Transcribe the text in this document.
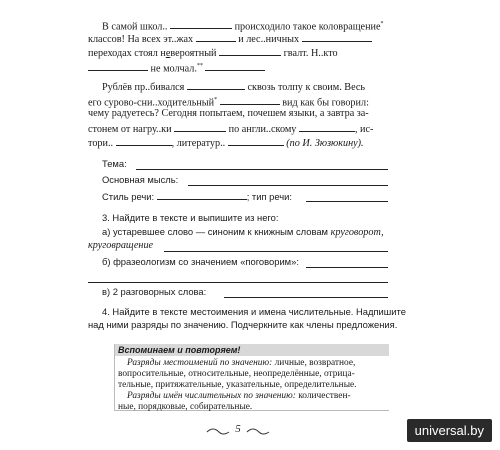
В самой школ..	происходило такое коловращение*
классов! На всех эт..жах	и лес..ничных
переходах стоял невероятный	гвалт. Н..кто
не молчал.**
Рублёв пр..бивался	сквозь толпу к своим. Весь
его сурово-сни..ходительный*	вид как бы говорил:
чему радуетесь? Сегодня попытаем, почешем языки, а завтра за-
стонем от нагру..ки	по англи..скому	, ис-
тори..	, литератур..	(по И. Зюзюкину).
Тема:
Основная мысль:
Стиль речи:	; тип речи:
3. Найдите в тексте и выпишите из него:
а) устаревшее слово — синоним к книжным словам круговорот,
круговращение
б) фразеологизм со значением «поговорим»:
в) 2 разговорных слова:
4. Найдите в тексте местоимения и имена числительные. Надпишите
над ними разряды по значению. Подчеркните как члены предложения.
Вспоминаем и повторяем!
Разряды местоимений по значению: личные, возвратное,
вопросительные, относительные, неопределённые, отрица-
тельные, притяжательные, указательные, определительные.
Разряды имён числительных по значению: количествен-
ные, порядковые, собирательные.
5	universal.by
